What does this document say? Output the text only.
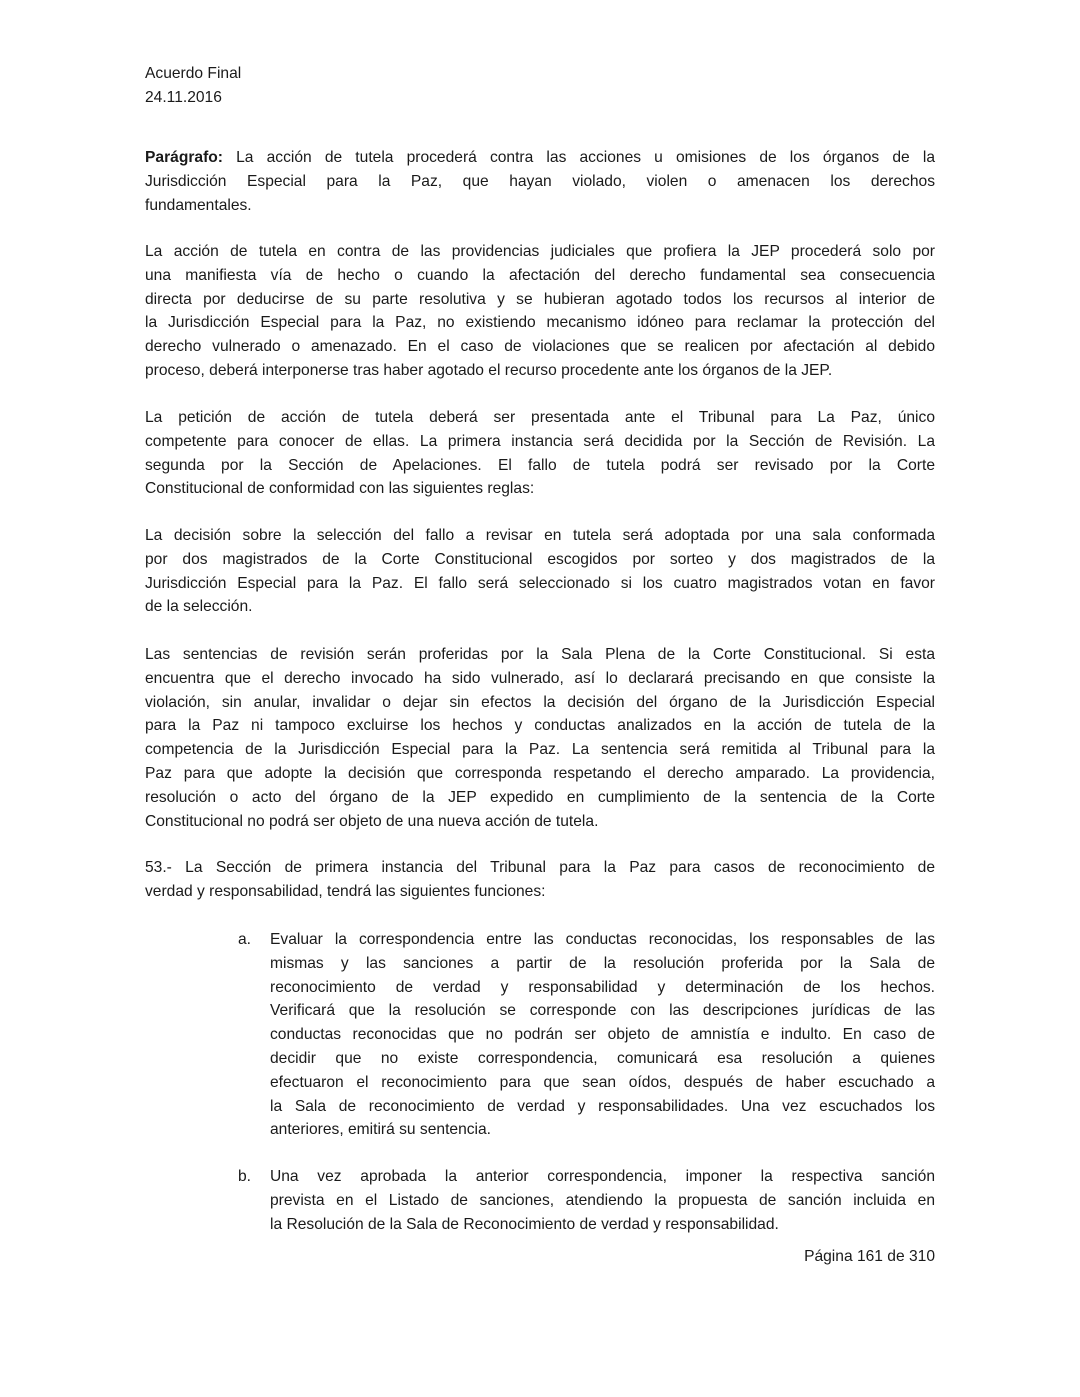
Acuerdo Final
24.11.2016
Parágrafo: La acción de tutela procederá contra las acciones u omisiones de los órganos de la
Jurisdicción Especial para la Paz, que hayan violado, violen o amenacen los derechos
fundamentales.
La acción de tutela en contra de las providencias judiciales que profiera la JEP procederá solo por
una manifiesta vía de hecho o cuando la afectación del derecho fundamental sea consecuencia
directa por deducirse de su parte resolutiva y se hubieran agotado todos los recursos al interior de
la Jurisdicción Especial para la Paz, no existiendo mecanismo idóneo para reclamar la protección del
derecho vulnerado o amenazado. En el caso de violaciones que se realicen por afectación al debido
proceso, deberá interponerse tras haber agotado el recurso procedente ante los órganos de la JEP.
La petición de acción de tutela deberá ser presentada ante el Tribunal para La Paz, único
competente para conocer de ellas. La primera instancia será decidida por la Sección de Revisión. La
segunda por la Sección de Apelaciones. El fallo de tutela podrá ser revisado por la Corte
Constitucional de conformidad con las siguientes reglas:
La decisión sobre la selección del fallo a revisar en tutela será adoptada por una sala conformada
por dos magistrados de la Corte Constitucional escogidos por sorteo y dos magistrados de la
Jurisdicción Especial para la Paz. El fallo será seleccionado si los cuatro magistrados votan en favor
de la selección.
Las sentencias de revisión serán proferidas por la Sala Plena de la Corte Constitucional. Si esta
encuentra que el derecho invocado ha sido vulnerado, así lo declarará precisando en que consiste la
violación, sin anular, invalidar o dejar sin efectos la decisión del órgano de la Jurisdicción Especial
para la Paz ni tampoco excluirse los hechos y conductas analizados en la acción de tutela de la
competencia de la Jurisdicción Especial para la Paz. La sentencia será remitida al Tribunal para la
Paz para que adopte la decisión que corresponda respetando el derecho amparado. La providencia,
resolución o acto del órgano de la JEP expedido en cumplimiento de la sentencia de la Corte
Constitucional no podrá ser objeto de una nueva acción de tutela.
53.- La Sección de primera instancia del Tribunal para la Paz para casos de reconocimiento de
verdad y responsabilidad, tendrá las siguientes funciones:
a. Evaluar la correspondencia entre las conductas reconocidas, los responsables de las
mismas y las sanciones a partir de la resolución proferida por la Sala de
reconocimiento de verdad y responsabilidad y determinación de los hechos.
Verificará que la resolución se corresponde con las descripciones jurídicas de las
conductas reconocidas que no podrán ser objeto de amnistía e indulto. En caso de
decidir que no existe correspondencia, comunicará esa resolución a quienes
efectuaron el reconocimiento para que sean oídos, después de haber escuchado a
la Sala de reconocimiento de verdad y responsabilidades. Una vez escuchados los
anteriores, emitirá su sentencia.
b. Una vez aprobada la anterior correspondencia, imponer la respectiva sanción
prevista en el Listado de sanciones, atendiendo la propuesta de sanción incluida en
la Resolución de la Sala de Reconocimiento de verdad y responsabilidad.
Página 161 de 310
